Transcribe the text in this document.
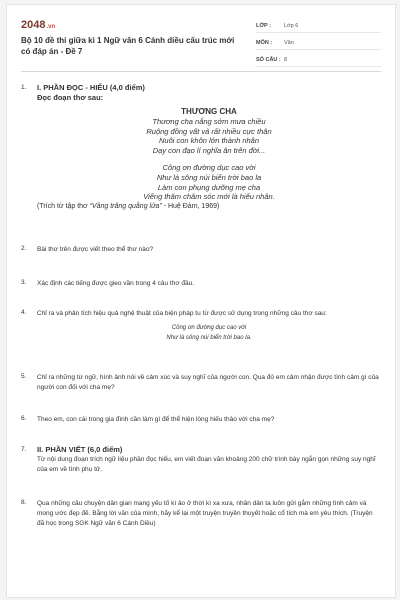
2048.vn
Bộ 10 đề thi giữa kì 1 Ngữ văn 6 Cánh diều cấu trúc mới có đáp án - Đề 7
LỚP :	Lớp 6
MÔN :	Văn
SỐ CÂU : 8
1. I. PHẦN ĐỌC - HIỂU (4,0 điểm)
Đọc đoạn thơ sau:
THƯƠNG CHA
Thương cha nắng sớm mưa chiều
Ruộng đồng vất vả rất nhiều cực thân
Nuôi con khôn lớn thành nhân
Dạy con đạo lí nghĩa ân trên đời...
Công ơn đường dục cao vời
Như là sông núi biển trời bao la
Làm con phụng dưỡng mẹ cha
Viếng thăm chăm sóc mới là hiếu nhân.
(Trích từ tập thơ “Vầng trăng quằng lửa” - Huệ Đàm, 1969)
2. Bài thơ trên được viết theo thể thơ nào?
3. Xác định các tiếng được gieo vần trong 4 câu thơ đầu.
4. Chỉ ra và phân tích hiệu quả nghệ thuật của biện pháp tu từ được sử dụng trong những câu thơ sau:
Công ơn đường dục cao vời
Như là sông núi biển trời bao la.
5. Chỉ ra những từ ngữ, hình ảnh nói về cảm xúc và suy nghĩ của người con. Qua đó em cảm nhận được tình cảm gì của người con đối với cha mẹ?
6. Theo em, con cái trong gia đình cần làm gì để thể hiện lòng hiếu thảo với cha mẹ?
7. II. PHẦN VIẾT (6,0 điểm)
Từ nội dung đoạn trích ngữ liệu phần đọc hiểu, em viết đoạn văn khoảng 200 chữ trình bày ngắn gọn những suy nghĩ của em về tình phụ tử.
8. Qua những câu chuyện dân gian mang yếu tố kì ảo ở thời kì xa xưa, nhân dân ta luôn gửi gắm những tình cảm và mong ước đẹp đẽ. Bằng lời văn của mình, hãy kể lại một truyện truyền thuyết hoặc cổ tích mà em yêu thích. (Truyện đã học trong SGK Ngữ văn 6 Cánh Diều)
